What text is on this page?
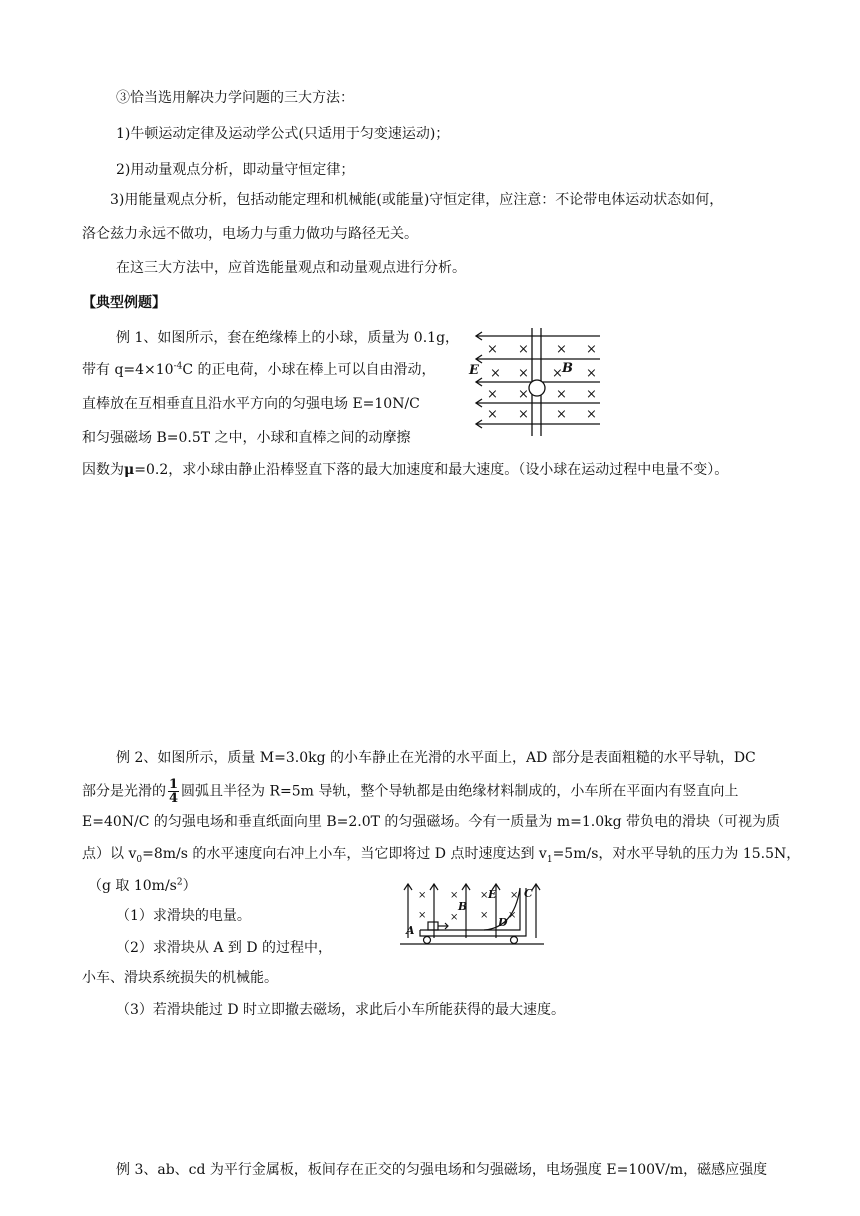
③恰当选用解决力学问题的三大方法：
1)牛顿运动定律及运动学公式(只适用于匀变速运动)；
2)用动量观点分析，即动量守恒定律；
3)用能量观点分析，包括动能定理和机械能(或能量)守恒定律，应注意：不论带电体运动状态如何，
洛仑兹力永远不做功，电场力与重力做功与路径无关。
在这三大方法中，应首选能量观点和动量观点进行分析。
【典型例题】
例 1、如图所示，套在绝缘棒上的小球，质量为 0.1g，
带有 $q=4\times 10^{-4}C$ 的正电荷，小球在棒上可以自由滑动，
直棒放在互相垂直且沿水平方向的匀强电场 E=10N/C
和匀强磁场 B=0.5T 之中，小球和直棒之间的动摩擦
因数为μ=0.2，求小球由静止沿棒竖直下落的最大加速度和最大速度。（设小球在运动过程中电量不变）。
× × × ×
× × × ×
× × × ×
× × × ×
E	B
例 2、如图所示，质量 M=3.0kg 的小车静止在光滑的水平面上，AD 部分是表面粗糙的水平导轨，DC
部分是光滑的 $\frac{1}{4}$ 圆弧且半径为 R=5m 导轨，整个导轨都是由绝缘材料制成的，小车所在平面内有竖直向上
E=40N/C 的匀强电场和垂直纸面向里 B=2.0T 的匀强磁场。今有一质量为 m=1.0kg 带负电的滑块（可视为质
点）以 $v_0=8m/s$ 的水平速度向右冲上小车，当它即将过 D 点时速度达到 $v_1=5m/s$，对水平导轨的压力为 15.5N，
（g 取 $10m/s^2$）
（1）求滑块的电量。
（2）求滑块从 A 到 D 的过程中，
小车、滑块系统损失的机械能。
（3）若滑块能过 D 时立即撤去磁场，求此后小车所能获得的最大速度。
× × × ×
× × × ×
A
B
E	C
D
例 3、ab、cd 为平行金属板，板间存在正交的匀强电场和匀强磁场，电场强度 E=100V/m，磁感应强度
